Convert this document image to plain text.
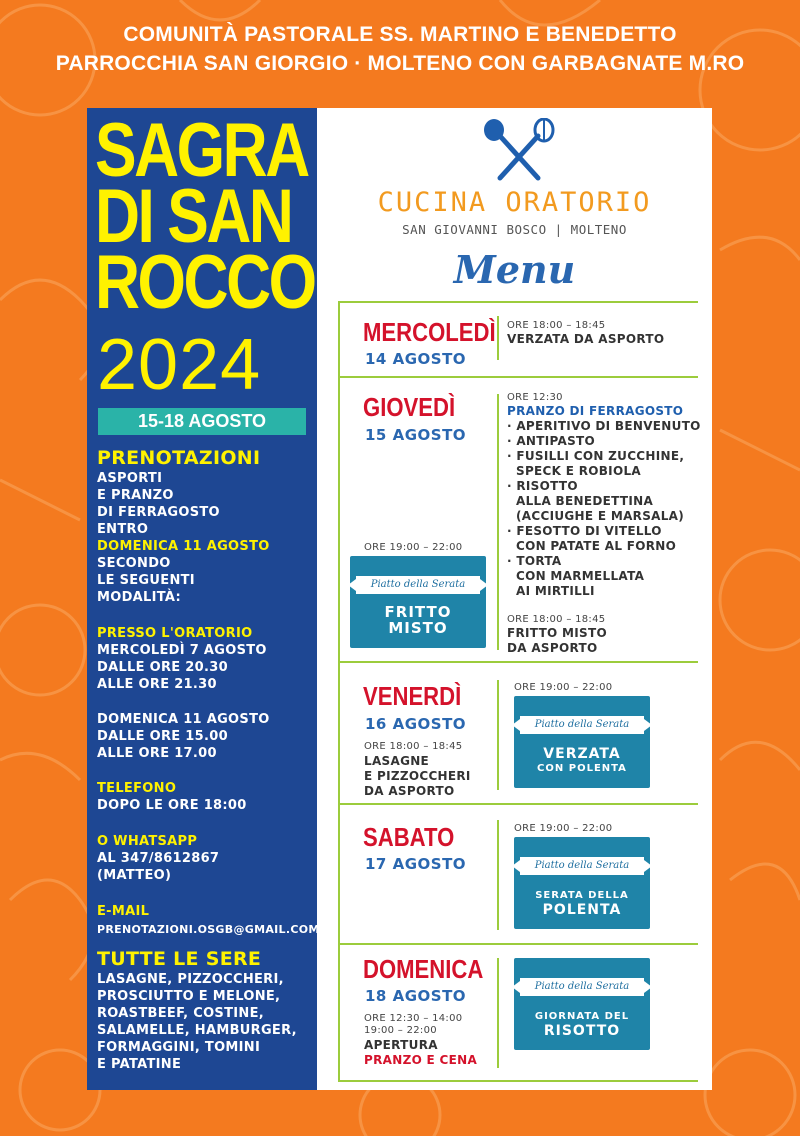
COMUNITÀ PASTORALE SS. MARTINO E BENEDETTO
PARROCCHIA SAN GIORGIO · MOLTENO CON GARBAGNATE M.RO
SAGRA
DI SAN
ROCCO
2024
15-18 AGOSTO
PRENOTAZIONI
ASPORTI
E PRANZO
DI FERRAGOSTO
ENTRO
DOMENICA 11 AGOSTO
SECONDO
LE SEGUENTI
MODALITÀ:
PRESSO L'ORATORIO
MERCOLEDÌ 7 AGOSTO
DALLE ORE 20.30
ALLE ORE 21.30
DOMENICA 11 AGOSTO
DALLE ORE 15.00
ALLE ORE 17.00
TELEFONO
DOPO LE ORE 18:00
O WHATSAPP
AL 347/8612867
(MATTEO)
E-MAIL
PRENOTAZIONI.OSGB@GMAIL.COM
TUTTE LE SERE
LASAGNE, PIZZOCCHERI,
PROSCIUTTO E MELONE,
ROASTBEEF, COSTINE,
SALAMELLE, HAMBURGER,
FORMAGGINI, TOMINI
E PATATINE
CUCINA ORATORIO
SAN GIOVANNI BOSCO | MOLTENO
Menu
MERCOLEDÌ
14 AGOSTO
ORE 18:00 – 18:45
VERZATA DA ASPORTO
GIOVEDÌ
15 AGOSTO
ORE 12:30
PRANZO DI FERRAGOSTO
· APERITIVO DI BENVENUTO
· ANTIPASTO
· FUSILLI CON ZUCCHINE,
SPECK E ROBIOLA
· RISOTTO
ALLA BENEDETTINA
(ACCIUGHE E MARSALA)
· FESOTTO DI VITELLO
CON PATATE AL FORNO
· TORTA
CON MARMELLATA
AI MIRTILLI
ORE 18:00 – 18:45
FRITTO MISTO
DA ASPORTO
ORE 19:00 – 22:00
Piatto della Serata
FRITTO
MISTO
VENERDÌ
16 AGOSTO
ORE 18:00 – 18:45
LASAGNE
E PIZZOCCHERI
DA ASPORTO
ORE 19:00 – 22:00
Piatto della Serata
VERZATA
CON POLENTA
SABATO
17 AGOSTO
ORE 19:00 – 22:00
Piatto della Serata
SERATA DELLA
POLENTA
DOMENICA
18 AGOSTO
ORE 12:30 – 14:00
19:00 – 22:00
APERTURA
PRANZO E CENA
Piatto della Serata
GIORNATA DEL
RISOTTO
